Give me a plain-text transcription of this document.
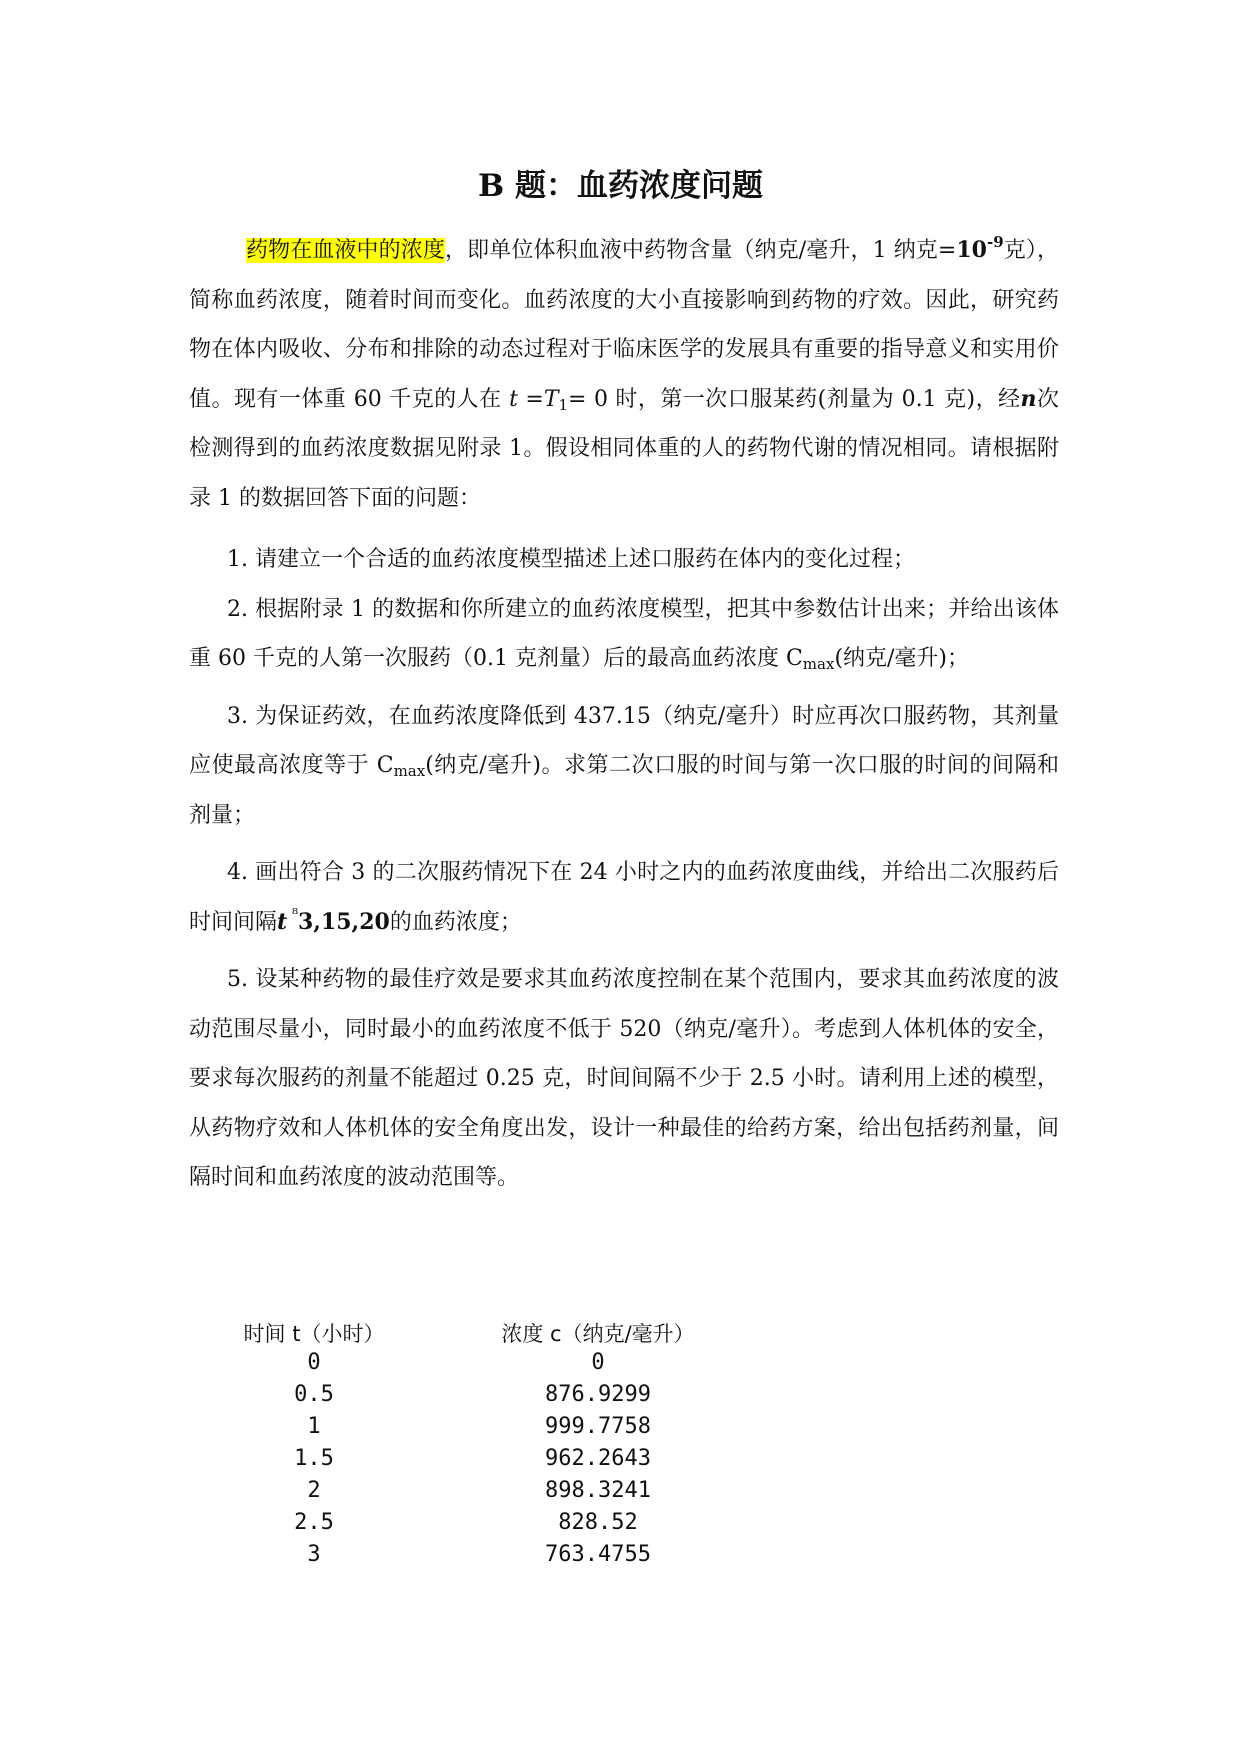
B 题：血药浓度问题
药物在血液中的浓度，即单位体积血液中药物含量（纳克/毫升，1 纳克$=10^{-9}$克），简称血药浓度，随着时间而变化。血药浓度的大小直接影响到药物的疗效。因此，研究药物在体内吸收、分布和排除的动态过程对于临床医学的发展具有重要的指导意义和实用价值。现有一体重 60 千克的人在 $t =T_1= 0$ 时，第一次口服某药(剂量为 0.1 克)，经n次检测得到的血药浓度数据见附录 1。假设相同体重的人的药物代谢的情况相同。请根据附录 1 的数据回答下面的问题：

1. 请建立一个合适的血药浓度模型描述上述口服药在体内的变化过程；

2. 根据附录 1 的数据和你所建立的血药浓度模型，把其中参数估计出来；并给出该体重 60 千克的人第一次服药（0.1 克剂量）后的最高血药浓度 $C_{max}$(纳克/毫升)；

3. 为保证药效，在血药浓度降低到 437.15（纳克/毫升）时应再次口服药物，其剂量应使最高浓度等于 $C_{max}$(纳克/毫升)。求第二次口服的时间与第一次口服的时间的间隔和剂量；

4. 画出符合 3 的二次服药情况下在 24 小时之内的血药浓度曲线，并给出二次服药后时间间隔t $^{^8}$3,15,20的血药浓度；

5. 设某种药物的最佳疗效是要求其血药浓度控制在某个范围内，要求其血药浓度的波动范围尽量小，同时最小的血药浓度不低于 520（纳克/毫升）。考虑到人体机体的安全，要求每次服药的剂量不能超过 0.25 克，时间间隔不少于 2.5 小时。请利用上述的模型，从药物疗效和人体机体的安全角度出发，设计一种最佳的给药方案，给出包括药剂量，间隔时间和血药浓度的波动范围等。

时间 t（小时）	浓度 c（纳克/毫升）
0	0
0.5	876.9299
1	999.7758
1.5	962.2643
2	898.3241
2.5	828.52
3	763.4755
